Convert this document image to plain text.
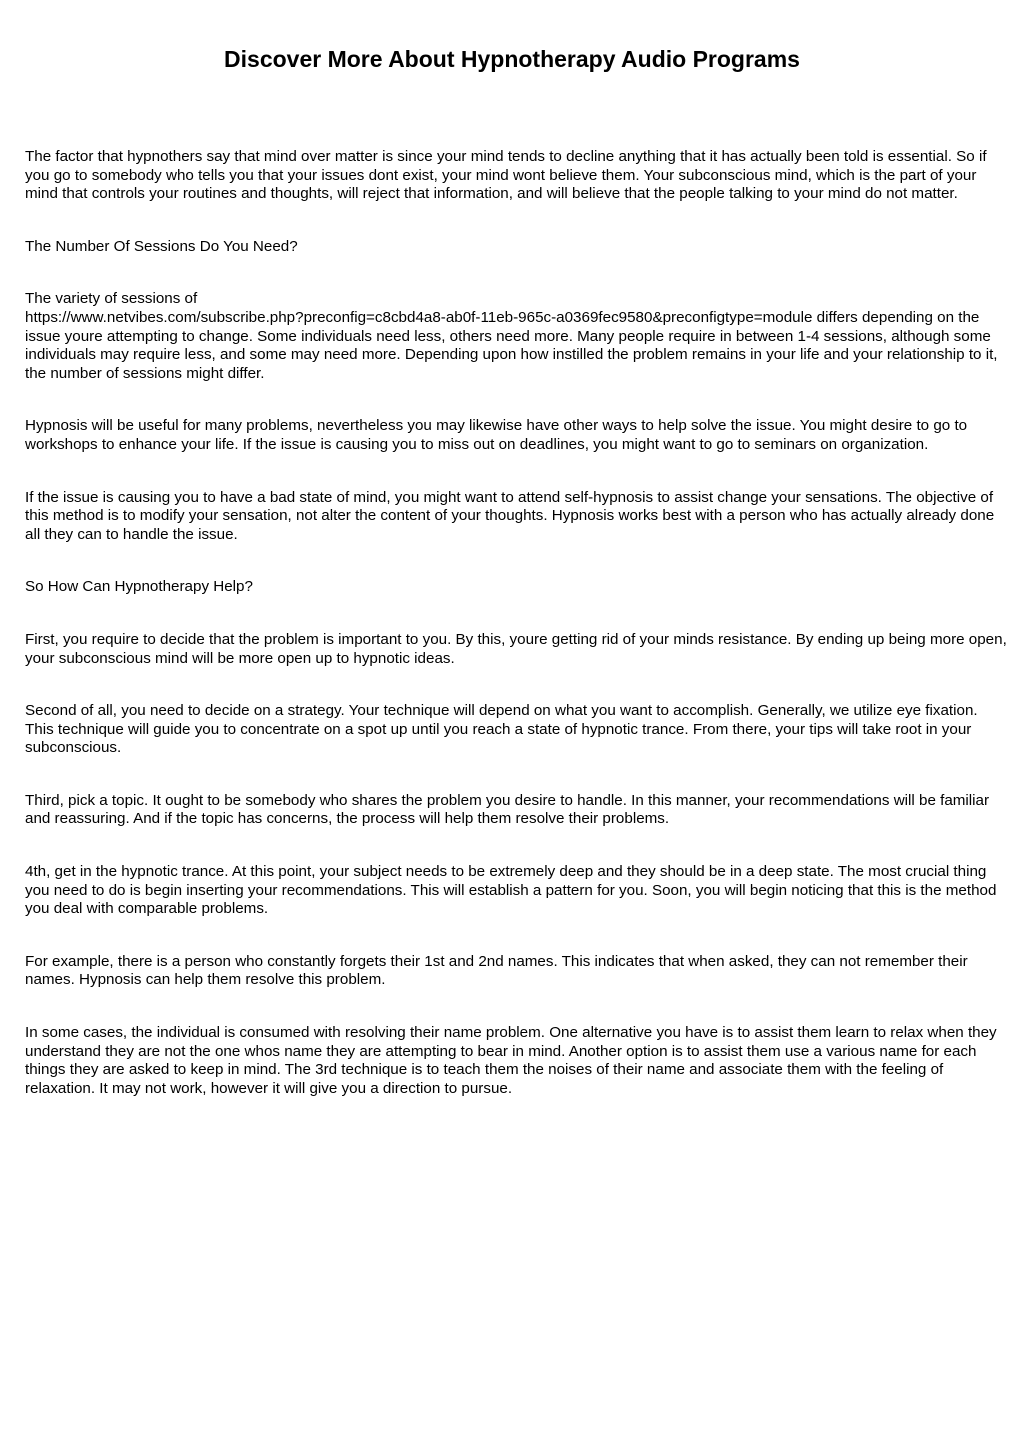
Discover More About Hypnotherapy Audio Programs

The factor that hypnothers say that mind over matter is since your mind tends to decline anything that it has actually been told is essential. So if you go to somebody who tells you that your issues dont exist, your mind wont believe them. Your subconscious mind, which is the part of your mind that controls your routines and thoughts, will reject that information, and will believe that the people talking to your mind do not matter.

The Number Of Sessions Do You Need?

The variety of sessions of
https://www.netvibes.com/subscribe.php?preconfig=c8cbd4a8-ab0f-11eb-965c-a0369fec9580&preconfigtype=module differs depending on the issue youre attempting to change. Some individuals need less, others need more. Many people require in between 1-4 sessions, although some individuals may require less, and some may need more. Depending upon how instilled the problem remains in your life and your relationship to it, the number of sessions might differ.

Hypnosis will be useful for many problems, nevertheless you may likewise have other ways to help solve the issue. You might desire to go to workshops to enhance your life. If the issue is causing you to miss out on deadlines, you might want to go to seminars on organization.

If the issue is causing you to have a bad state of mind, you might want to attend self-hypnosis to assist change your sensations. The objective of this method is to modify your sensation, not alter the content of your thoughts. Hypnosis works best with a person who has actually already done all they can to handle the issue.

So How Can Hypnotherapy Help?

First, you require to decide that the problem is important to you. By this, youre getting rid of your minds resistance. By ending up being more open, your subconscious mind will be more open up to hypnotic ideas.

Second of all, you need to decide on a strategy. Your technique will depend on what you want to accomplish. Generally, we utilize eye fixation. This technique will guide you to concentrate on a spot up until you reach a state of hypnotic trance. From there, your tips will take root in your subconscious.

Third, pick a topic. It ought to be somebody who shares the problem you desire to handle. In this manner, your recommendations will be familiar and reassuring. And if the topic has concerns, the process will help them resolve their problems.

4th, get in the hypnotic trance. At this point, your subject needs to be extremely deep and they should be in a deep state. The most crucial thing you need to do is begin inserting your recommendations. This will establish a pattern for you. Soon, you will begin noticing that this is the method you deal with comparable problems.

For example, there is a person who constantly forgets their 1st and 2nd names. This indicates that when asked, they can not remember their names. Hypnosis can help them resolve this problem.

In some cases, the individual is consumed with resolving their name problem. One alternative you have is to assist them learn to relax when they understand they are not the one whos name they are attempting to bear in mind. Another option is to assist them use a various name for each things they are asked to keep in mind. The 3rd technique is to teach them the noises of their name and associate them with the feeling of relaxation. It may not work, however it will give you a direction to pursue.
